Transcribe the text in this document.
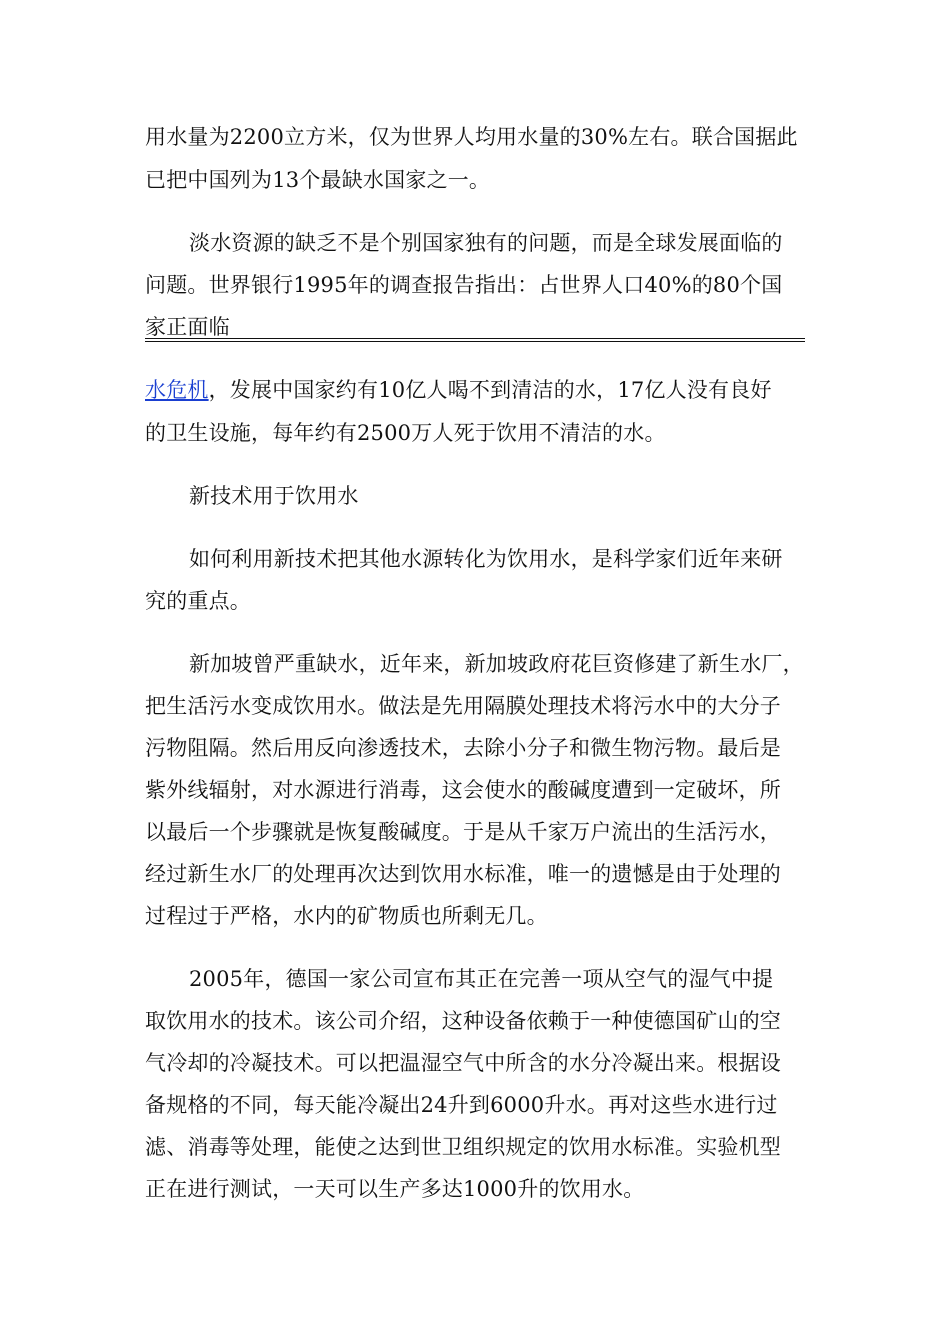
用水量为2200立方米，仅为世界人均用水量的30%左右。联合国据此
已把中国列为13个最缺水国家之一。
淡水资源的缺乏不是个别国家独有的问题，而是全球发展面临的
问题。世界银行1995年的调查报告指出：占世界人口40%的80个国
家正面临
水危机，发展中国家约有10亿人喝不到清洁的水，17亿人没有良好
的卫生设施，每年约有2500万人死于饮用不清洁的水。
新技术用于饮用水
如何利用新技术把其他水源转化为饮用水，是科学家们近年来研
究的重点。
新加坡曾严重缺水，近年来，新加坡政府花巨资修建了新生水厂，
把生活污水变成饮用水。做法是先用隔膜处理技术将污水中的大分子
污物阻隔。然后用反向渗透技术，去除小分子和微生物污物。最后是
紫外线辐射，对水源进行消毒，这会使水的酸碱度遭到一定破坏，所
以最后一个步骤就是恢复酸碱度。于是从千家万户流出的生活污水，
经过新生水厂的处理再次达到饮用水标准，唯一的遗憾是由于处理的
过程过于严格，水内的矿物质也所剩无几。
2005年，德国一家公司宣布其正在完善一项从空气的湿气中提
取饮用水的技术。该公司介绍，这种设备依赖于一种使德国矿山的空
气冷却的冷凝技术。可以把温湿空气中所含的水分冷凝出来。根据设
备规格的不同，每天能冷凝出24升到6000升水。再对这些水进行过
滤、消毒等处理，能使之达到世卫组织规定的饮用水标准。实验机型
正在进行测试，一天可以生产多达1000升的饮用水。
